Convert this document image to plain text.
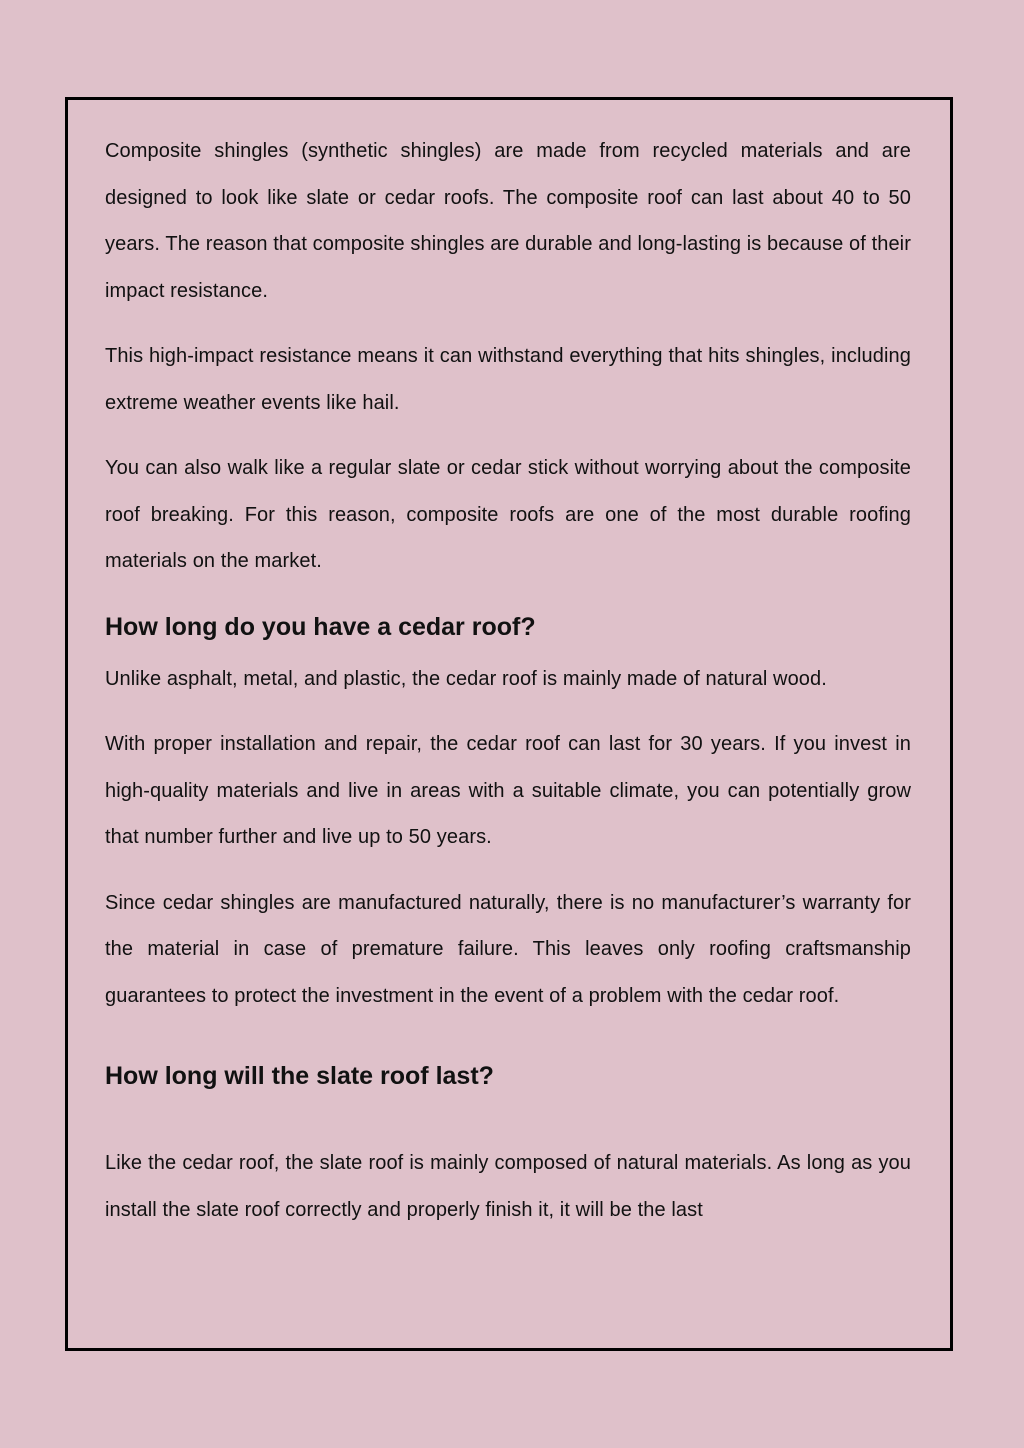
Composite shingles (synthetic shingles) are made from recycled materials and are designed to look like slate or cedar roofs. The composite roof can last about 40 to 50 years. The reason that composite shingles are durable and long-lasting is because of their impact resistance.

This high-impact resistance means it can withstand everything that hits shingles, including extreme weather events like hail.

You can also walk like a regular slate or cedar stick without worrying about the composite roof breaking. For this reason, composite roofs are one of the most durable roofing materials on the market.

How long do you have a cedar roof?

Unlike asphalt, metal, and plastic, the cedar roof is mainly made of natural wood.

With proper installation and repair, the cedar roof can last for 30 years. If you invest in high-quality materials and live in areas with a suitable climate, you can potentially grow that number further and live up to 50 years.

Since cedar shingles are manufactured naturally, there is no manufacturer’s warranty for the material in case of premature failure. This leaves only roofing craftsmanship guarantees to protect the investment in the event of a problem with the cedar roof.

How long will the slate roof last?

Like the cedar roof, the slate roof is mainly composed of natural materials. As long as you install the slate roof correctly and properly finish it, it will be the last
